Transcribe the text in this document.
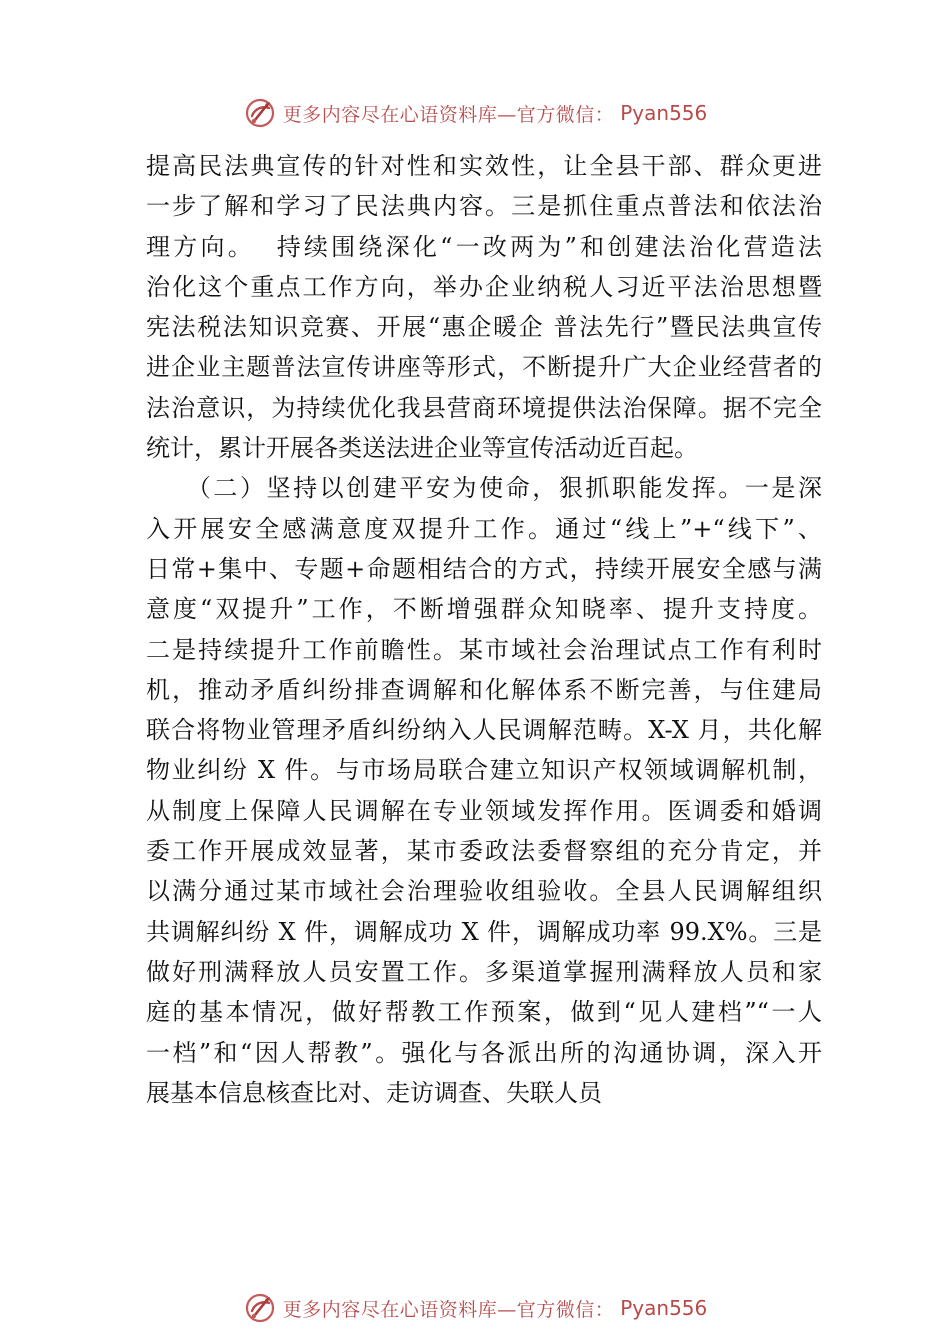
更多内容尽在心语资料库—官方微信： Pyan556
提高民法典宣传的针对性和实效性，让全县干部、群众更进
一步了解和学习了民法典内容。三是抓住重点普法和依法治
理方向。  持续围绕深化“一改两为”和创建法治化营造法
治化这个重点工作方向，举办企业纳税人习近平法治思想暨
宪法税法知识竞赛、开展“惠企暖企 普法先行”暨民法典宣传
进企业主题普法宣传讲座等形式，不断提升广大企业经营者的
法治意识，为持续优化我县营商环境提供法治保障。据不完全
统计，累计开展各类送法进企业等宣传活动近百起。
（二）坚持以创建平安为使命，狠抓职能发挥。一是深
入开展安全感满意度双提升工作。通过“线上”+“线下”、
日常+集中、专题+命题相结合的方式，持续开展安全感与满
意度“双提升”工作，不断增强群众知晓率、提升支持度。
二是持续提升工作前瞻性。某市域社会治理试点工作有利时
机，推动矛盾纠纷排查调解和化解体系不断完善，与住建局
联合将物业管理矛盾纠纷纳入人民调解范畴。X-X 月，共化解
物业纠纷 X 件。与市场局联合建立知识产权领域调解机制，
从制度上保障人民调解在专业领域发挥作用。医调委和婚调
委工作开展成效显著，某市委政法委督察组的充分肯定，并
以满分通过某市域社会治理验收组验收。全县人民调解组织
共调解纠纷 X 件，调解成功 X 件，调解成功率 99.X%。三是
做好刑满释放人员安置工作。多渠道掌握刑满释放人员和家
庭的基本情况，做好帮教工作预案，做到“见人建档”“一人
一档”和“因人帮教”。强化与各派出所的沟通协调，深入开
展基本信息核查比对、走访调查、失联人员
更多内容尽在心语资料库—官方微信： Pyan556
